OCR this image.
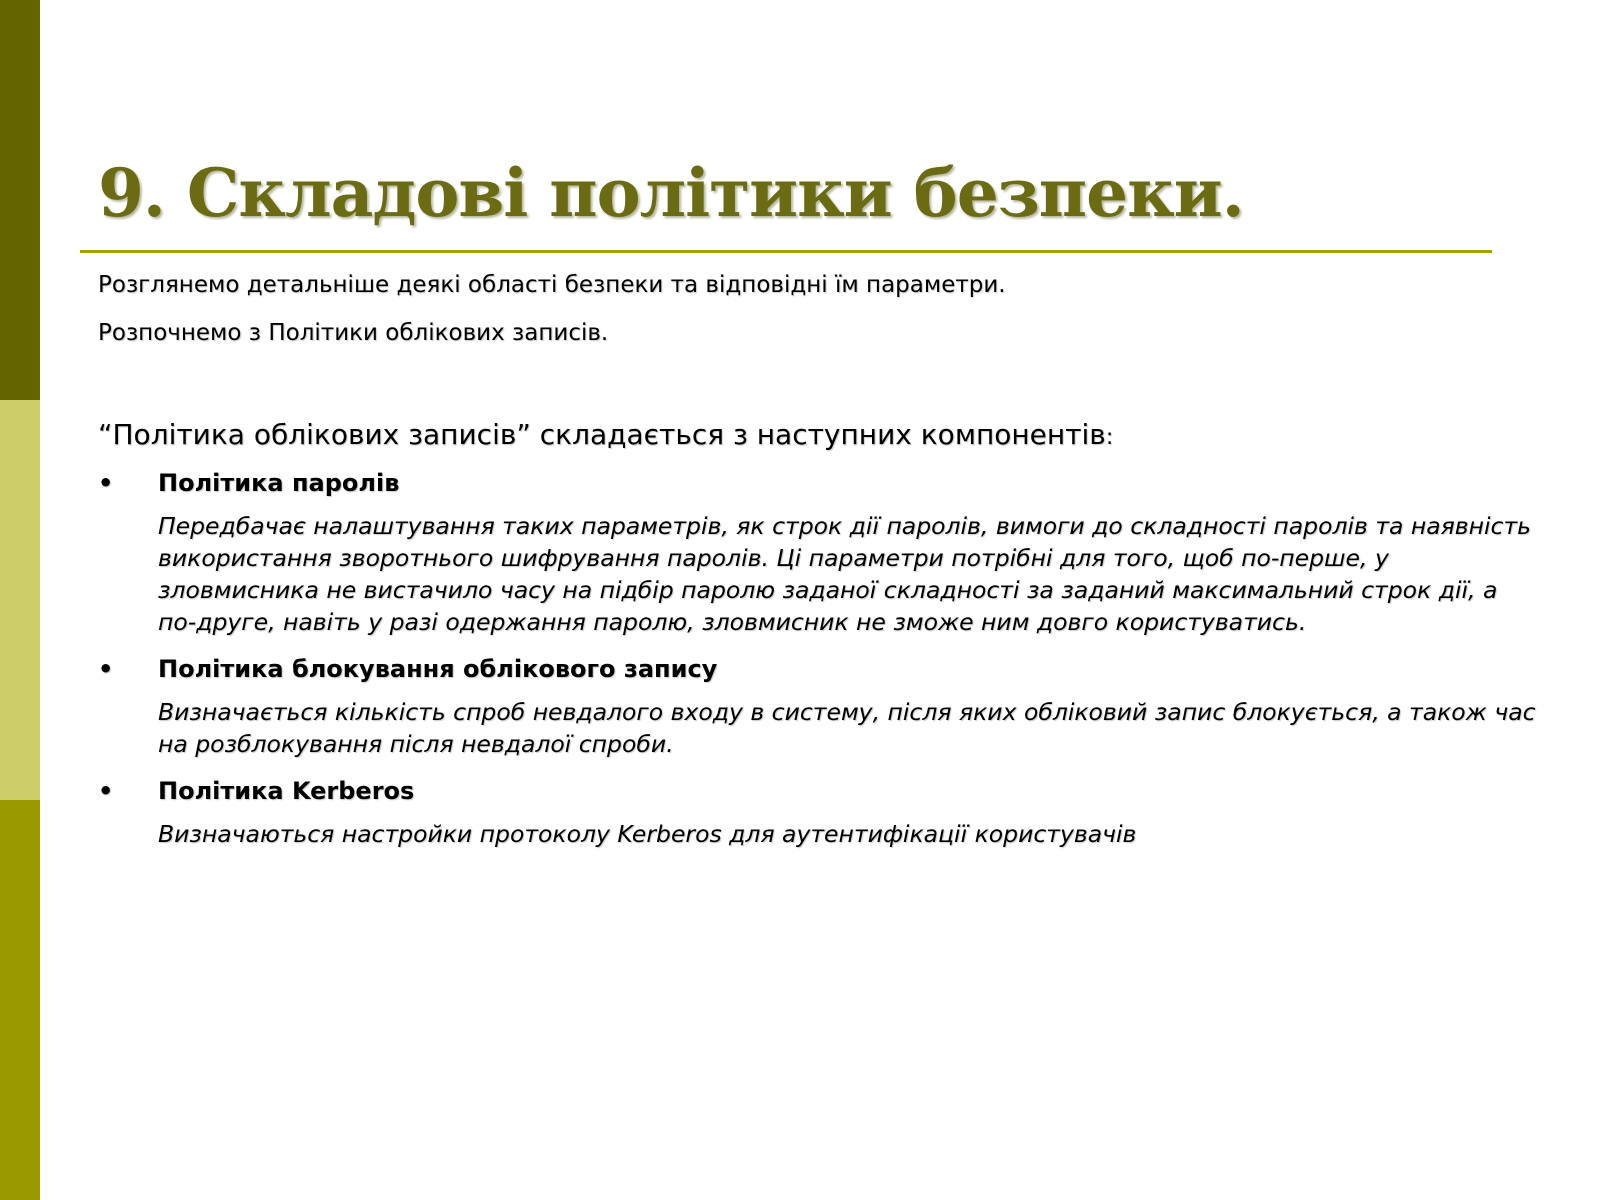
9. Складові політики безпеки.

Розглянемо детальніше деякі області безпеки та відповідні їм параметри.

Розпочнемо з Політики облікових записів.

“Політика облікових записів” складається з наступних компонентів:

• Політика паролів
Передбачає налаштування таких параметрів, як строк дії паролів, вимоги до складності паролів та наявність використання зворотнього шифрування паролів. Ці параметри потрібні для того, щоб по-перше, у зловмисника не вистачило часу на підбір паролю заданої складності за заданий максимальний строк дії, а по-друге, навіть у разі одержання паролю, зловмисник не зможе ним довго користуватись.
• Політика блокування облікового запису
Визначається кількість спроб невдалого входу в систему, після яких обліковий запис блокується, а також час на розблокування після невдалої спроби.
• Політика Kerberos
Визначаються настройки протоколу Kerberos для аутентифікації користувачів
